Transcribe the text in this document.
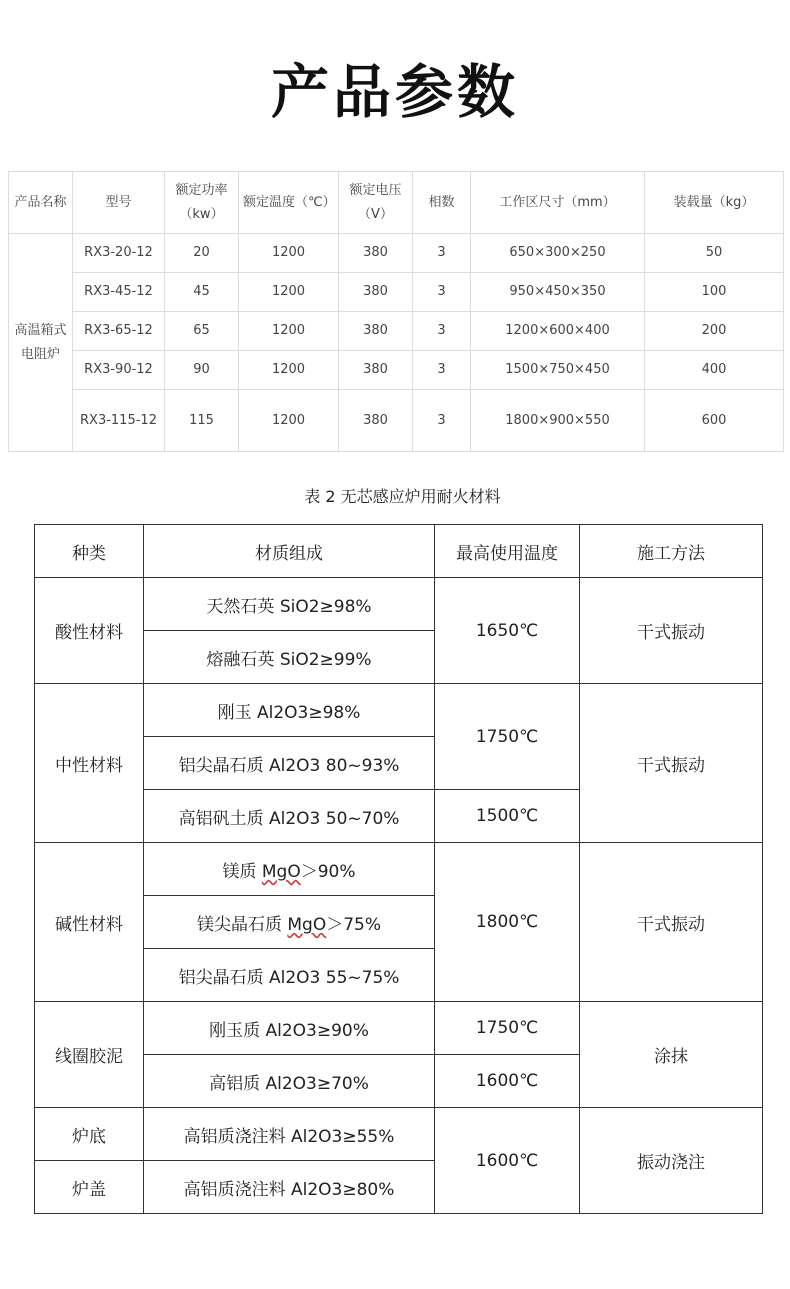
产品参数
产品名称	型号	额定功率（kw）	额定温度（℃）	额定电压（V）	相数	工作区尺寸（mm）	装载量（kg）
高温箱式电阻炉	RX3-20-12	20	1200	380	3	650×300×250	50
	RX3-45-12	45	1200	380	3	950×450×350	100
	RX3-65-12	65	1200	380	3	1200×600×400	200
	RX3-90-12	90	1200	380	3	1500×750×450	400
	RX3-115-12	115	1200	380	3	1800×900×550	600
表 2 无芯感应炉用耐火材料
种类	材质组成	最高使用温度	施工方法
酸性材料	天然石英 SiO2≥98%	1650℃	干式振动
	熔融石英 SiO2≥99%		
中性材料	刚玉 Al2O3≥98%	1750℃	干式振动
	铝尖晶石质 Al2O3 80~93%		
	高铝矾土质 Al2O3 50~70%	1500℃	
碱性材料	镁质 MgO＞90%	1800℃	干式振动
	镁尖晶石质 MgO＞75%		
	铝尖晶石质 Al2O3 55~75%		
线圈胶泥	刚玉质 Al2O3≥90%	1750℃	涂抹
	高铝质 Al2O3≥70%	1600℃	
炉底	高铝质浇注料 Al2O3≥55%	1600℃	振动浇注
炉盖	高铝质浇注料 Al2O3≥80%		
